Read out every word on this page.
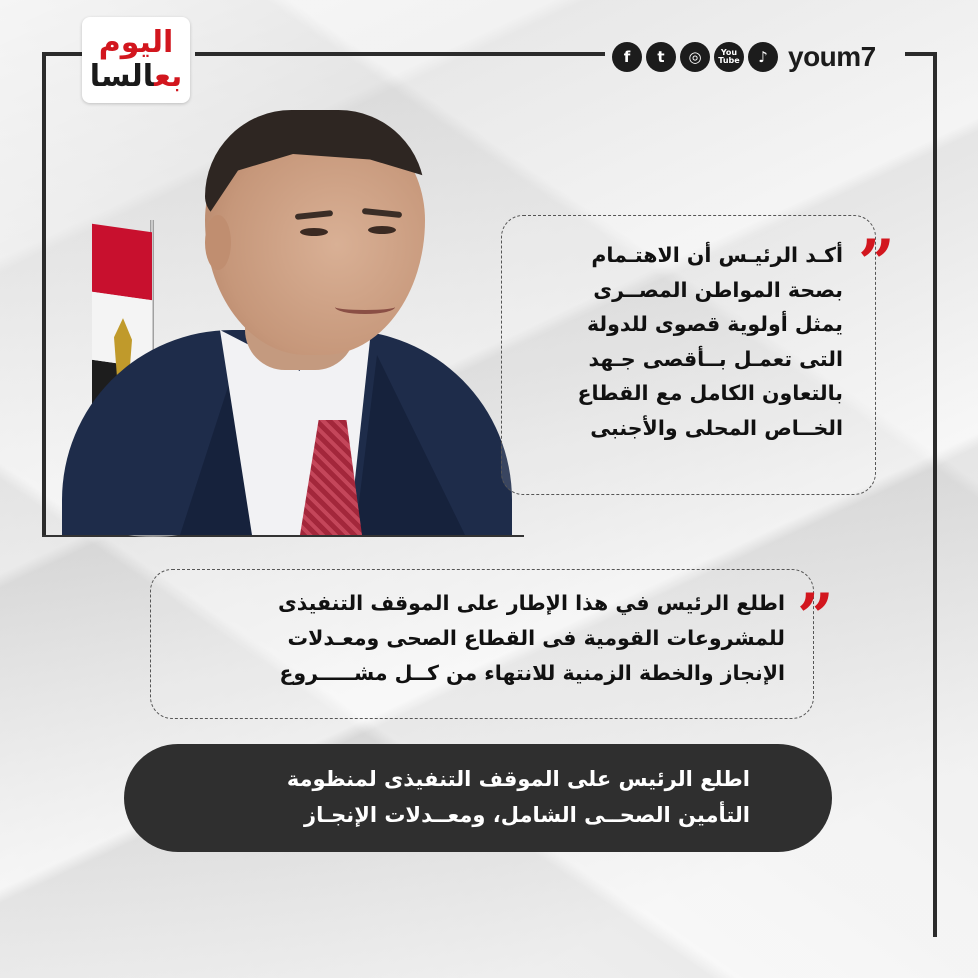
اليوم
بعالسا
f	t	◎	You Tube	♪ youm7
”
أكـد الرئيـس أن الاهتـمام
بصحة المواطن المصــرى
يمثل أولوية قصوى للدولة
التى تعمـل بــأقصى جـهد
بالتعاون الكامل مع القطاع
الخــاص المحلى والأجنبى
”
اطلع الرئيس في هذا الإطار على الموقف التنفيذى
للمشروعات القومية فى القطاع الصحى ومعـدلات
الإنجاز والخطة الزمنية للانتهاء من كــل مشـــــروع
اطلع الرئيس على الموقف التنفيذى لمنظومة
التأمين الصحــى الشامل، ومعــدلات الإنجـاز
